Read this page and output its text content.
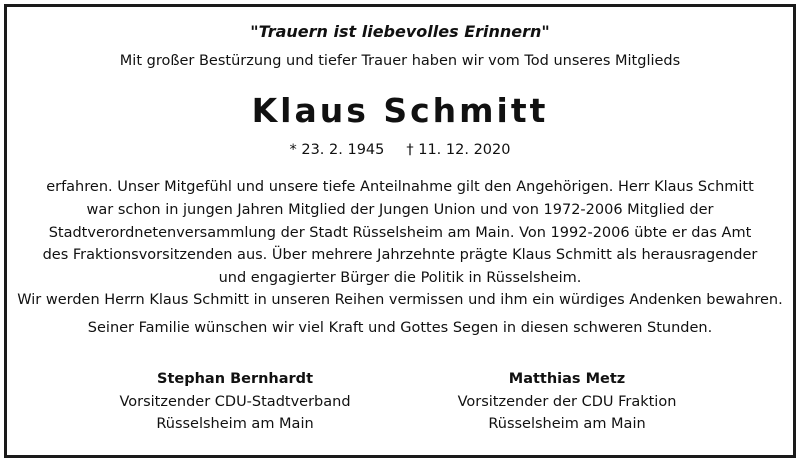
"Trauern ist liebevolles Erinnern"

Mit großer Bestürzung und tiefer Trauer haben wir vom Tod unseres Mitglieds

Klaus Schmitt

* 23. 2. 1945 † 11. 12. 2020

erfahren. Unser Mitgefühl und unsere tiefe Anteilnahme gilt den Angehörigen. Herr Klaus Schmitt
war schon in jungen Jahren Mitglied der Jungen Union und von 1972-2006 Mitglied der
Stadtverordnetenversammlung der Stadt Rüsselsheim am Main. Von 1992-2006 übte er das Amt
des Fraktionsvorsitzenden aus. Über mehrere Jahrzehnte prägte Klaus Schmitt als herausragender
und engagierter Bürger die Politik in Rüsselsheim.

Wir werden Herrn Klaus Schmitt in unseren Reihen vermissen und ihm ein würdiges Andenken bewahren.

Seiner Familie wünschen wir viel Kraft und Gottes Segen in diesen schweren Stunden.

Stephan Bernhardt
Vorsitzender CDU-Stadtverband
Rüsselsheim am Main
Matthias Metz
Vorsitzender der CDU Fraktion
Rüsselsheim am Main
